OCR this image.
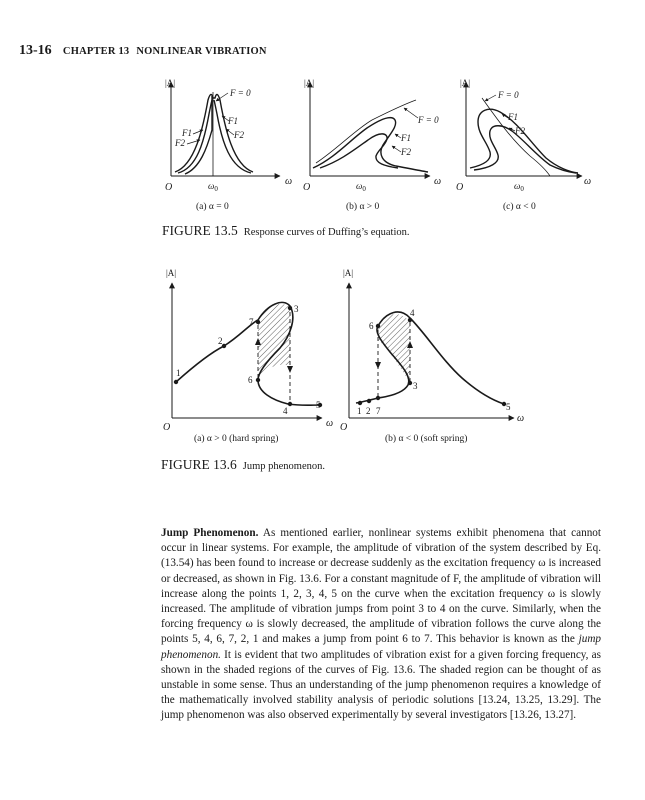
13-16 CHAPTER 13 NONLINEAR VIBRATION
|A|
O
ω
F = 0
F1
F2
F1
F2
$\omega_0$
(a) α = 0
|A|
O
ω
F = 0
F1
F2
$\omega_0$
(b) α > 0
|A|
O
ω
F = 0
F1
F2
$\omega_0$
(c) α < 0
FIGURE 13.5 Response curves of Duffing’s equation.
|A|
O	ω
1
2
3
4
5
6
7
(a) α > 0 (hard spring)
|A|
O
ω
1 2 7
6
4
3
5
(b) α < 0 (soft spring)
FIGURE 13.6 Jump phenomenon.

Jump Phenomenon. As mentioned earlier, nonlinear systems exhibit phenomena that cannot occur in linear systems. For example, the amplitude of vibration of the system described by Eq. (13.54) has been found to increase or decrease suddenly as the excitation frequency ω is increased or decreased, as shown in Fig. 13.6. For a constant magnitude of F, the amplitude of vibration will increase along the points 1, 2, 3, 4, 5 on the curve when the excitation frequency ω is slowly increased. The amplitude of vibration jumps from point 3 to 4 on the curve. Similarly, when the forcing frequency ω is slowly decreased, the amplitude of vibration follows the curve along the points 5, 4, 6, 7, 2, 1 and makes a jump from point 6 to 7. This behavior is known as the jump phenomenon. It is evident that two amplitudes of vibration exist for a given forcing frequency, as shown in the shaded regions of the curves of Fig. 13.6. The shaded region can be thought of as unstable in some sense. Thus an understanding of the jump phenomenon requires a knowledge of the mathematically involved stability analysis of periodic solutions [13.24, 13.25, 13.29]. The jump phenomenon was also observed experimentally by several investigators [13.26, 13.27].
